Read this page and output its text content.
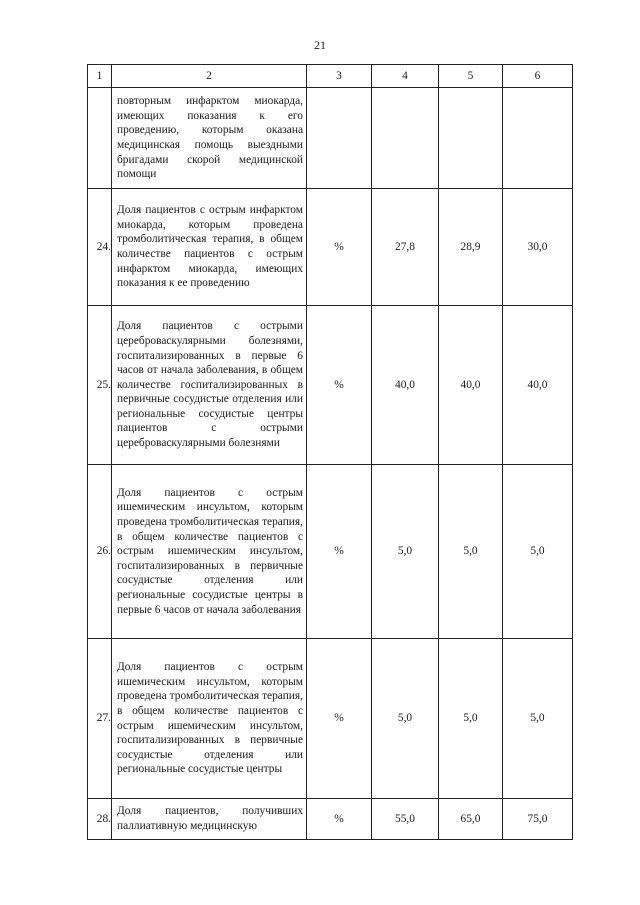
21
1	2	3	4	5	6

	повторным инфарктом миокарда, имеющих показания к его проведению, которым оказана медицинская помощь выездными бригадами скорой медицинской помощи				

24.	Доля пациентов с острым инфарктом миокарда, которым проведена тромболитическая терапия, в общем количестве пациентов с острым инфарктом миокарда, имеющих показания к ее проведению	%	27,8	28,9	30,0
25.	Доля пациентов с острыми цереброваскулярными болезнями, госпитализированных в первые 6 часов от начала заболевания, в общем количестве госпитализированных в первичные сосудистые отделения или региональные сосудистые центры пациентов с острыми цереброваскулярными болезнями	%	40,0	40,0	40,0
26.	Доля пациентов с острым ишемическим инсультом, которым проведена тромболитическая терапия, в общем количестве пациентов с острым ишемическим инсультом, госпитализированных в первичные сосудистые отделения или региональные сосудистые центры в первые 6 часов от начала заболевания	%	5,0	5,0	5,0
27.	Доля пациентов с острым ишемическим инсультом, которым проведена тромболитическая терапия, в общем количестве пациентов с острым ишемическим инсультом, госпитализированных в первичные сосудистые отделения или региональные сосудистые центры	%	5,0	5,0	5,0
28.	Доля пациентов, получивших паллиативную медицинскую	%	55,0	65,0	75,0
